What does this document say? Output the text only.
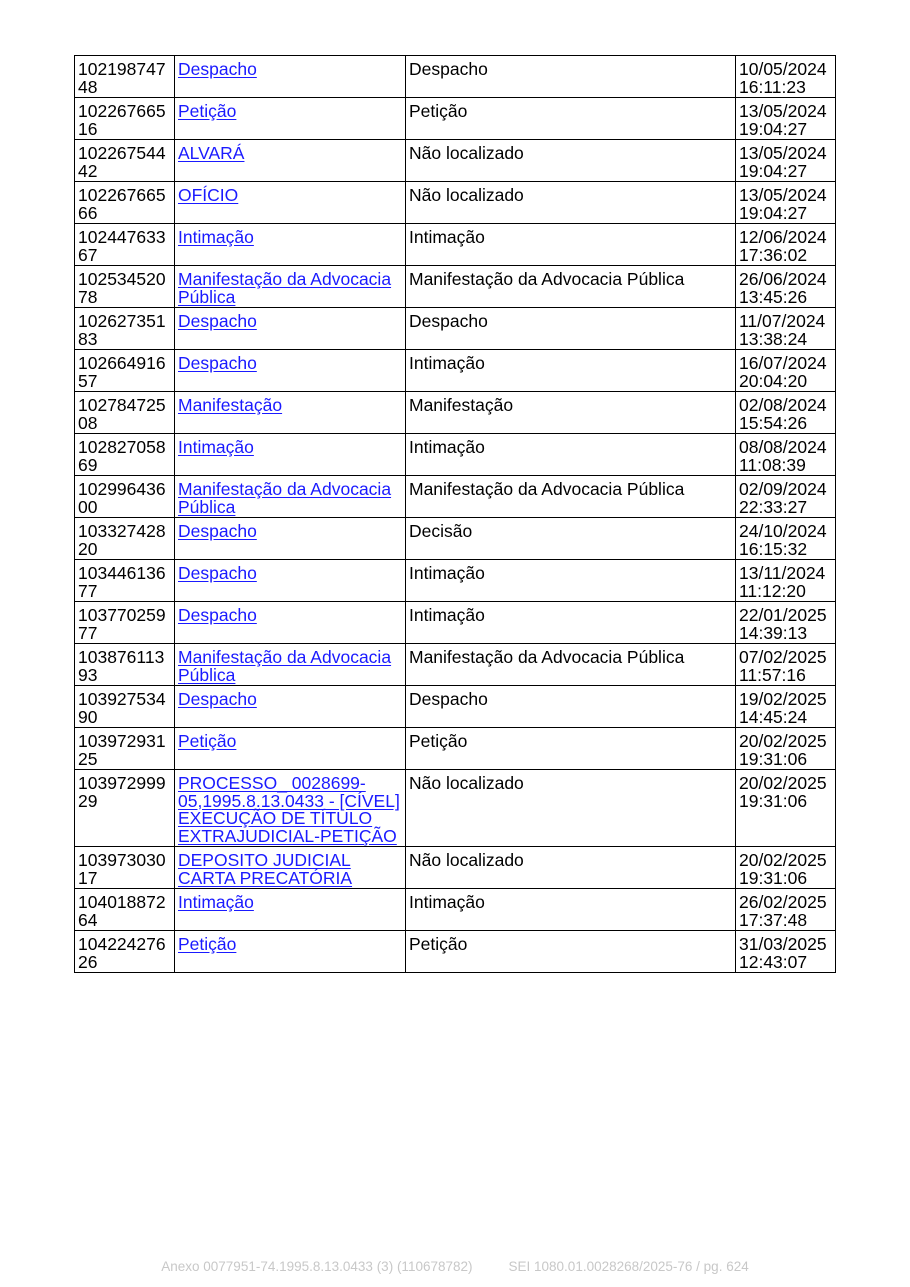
10219874748	Despacho	Despacho	10/05/2024
16:11:23

10226766516	Petição	Petição	13/05/2024
19:04:27

10226754442	ALVARÁ	Não localizado	13/05/2024
19:04:27

10226766566	OFÍCIO	Não localizado	13/05/2024
19:04:27

10244763367	Intimação	Intimação	12/06/2024
17:36:02

10253452078	Manifestação da Advocacia Pública	Manifestação da Advocacia Pública	26/06/2024
13:45:26

10262735183	Despacho	Despacho	11/07/2024
13:38:24

10266491657	Despacho	Intimação	16/07/2024
20:04:20

10278472508	Manifestação	Manifestação	02/08/2024
15:54:26

10282705869	Intimação	Intimação	08/08/2024
11:08:39

10299643600	Manifestação da Advocacia Pública	Manifestação da Advocacia Pública	02/09/2024
22:33:27

10332742820	Despacho	Decisão	24/10/2024
16:15:32

10344613677	Despacho	Intimação	13/11/2024
11:12:20

10377025977	Despacho	Intimação	22/01/2025
14:39:13

10387611393	Manifestação da Advocacia Pública	Manifestação da Advocacia Pública	07/02/2025
11:57:16

10392753490	Despacho	Despacho	19/02/2025
14:45:24

10397293125	Petição	Petição	20/02/2025
19:31:06

10397299929	PROCESSO_ 0028699-05,1995.8.13.0433 - [CÍVEL] EXECUÇÃO DE TÍTULO EXTRAJUDICIAL-PETIÇÃO	Não localizado	20/02/2025
19:31:06

10397303017	DEPOSITO JUDICIAL CARTA PRECATÓRIA	Não localizado	20/02/2025
19:31:06

10401887264	Intimação	Intimação	26/02/2025
17:37:48

10422427626	Petição	Petição	31/03/2025
12:43:07
Anexo 0077951-74.1995.8.13.0433 (3) (110678782)	SEI 1080.01.0028268/2025-76 / pg. 624
